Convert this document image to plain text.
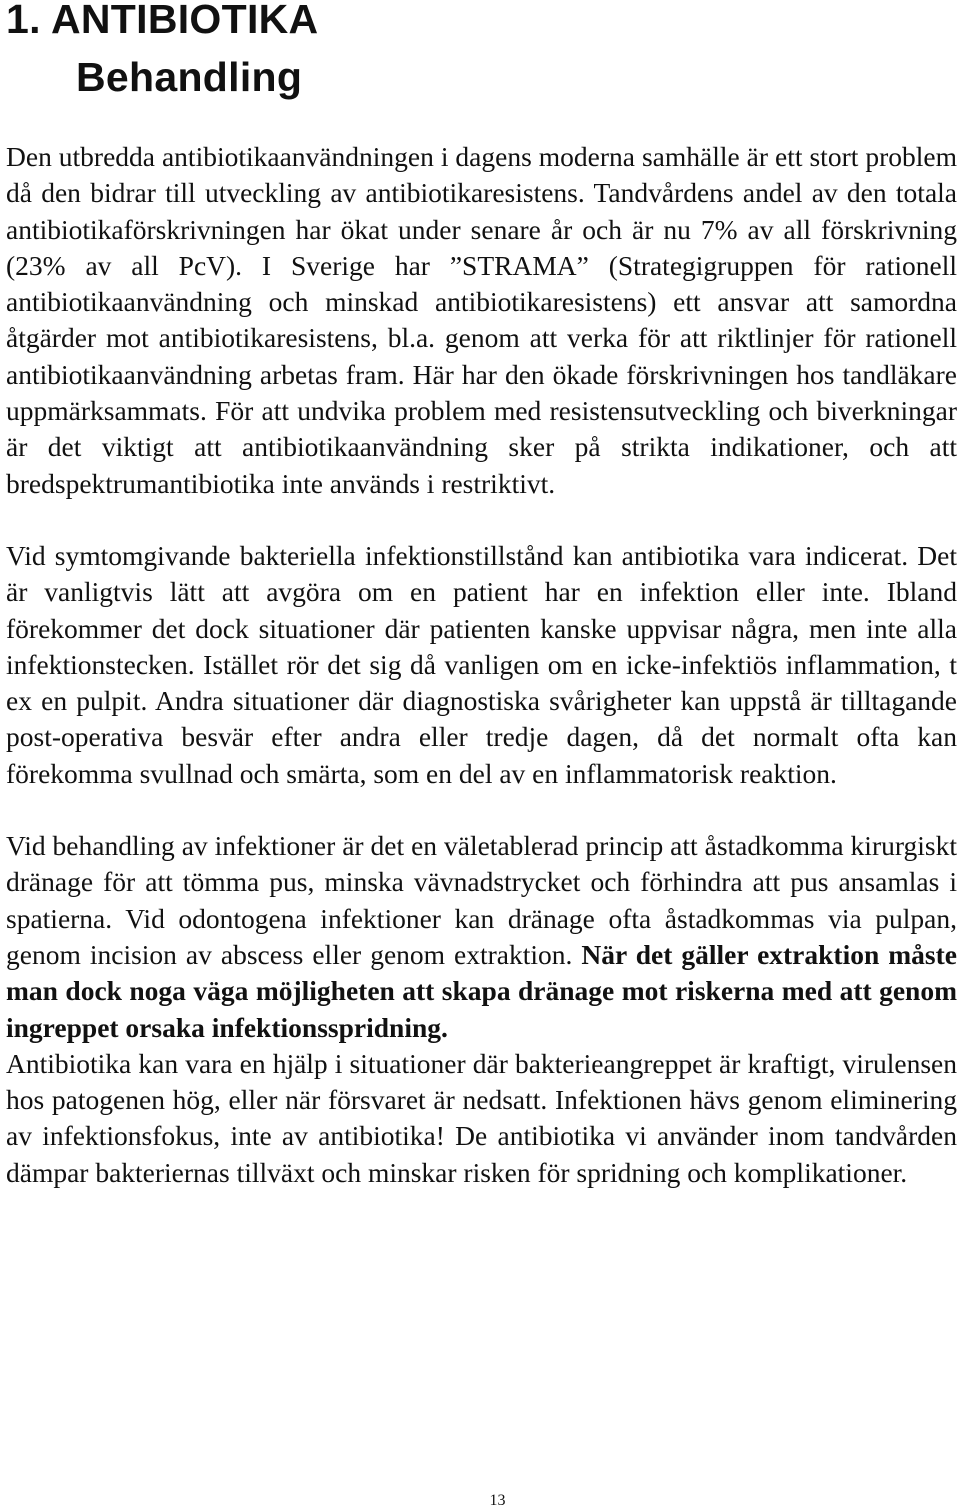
1. ANTIBIOTIKA
Behandling

Den utbredda antibiotikaanvändningen i dagens moderna samhälle är ett stort problem då den bidrar till utveckling av antibiotikaresistens. Tandvårdens andel av den totala antibiotikaförskrivningen har ökat under senare år och är nu 7% av all förskrivning (23% av all PcV). I Sverige har ”STRAMA” (Strategigruppen för rationell antibiotikaanvändning och minskad antibiotikaresistens) ett ansvar att samordna åtgärder mot antibiotikaresistens, bl.a. genom att verka för att riktlinjer för rationell antibiotikaanvändning arbetas fram. Här har den ökade förskrivningen hos tandläkare uppmärksammats. För att undvika problem med resistensutveckling och biverkningar är det viktigt att antibiotikaanvändning sker på strikta indikationer, och att bredspektrumantibiotika inte används i restriktivt.

Vid symtomgivande bakteriella infektionstillstånd kan antibiotika vara indicerat. Det är vanligtvis lätt att avgöra om en patient har en infektion eller inte. Ibland förekommer det dock situationer där patienten kanske uppvisar några, men inte alla infektionstecken. Istället rör det sig då vanligen om en icke-infektiös inflammation, t ex en pulpit. Andra situationer där diagnostiska svårigheter kan uppstå är tilltagande post-operativa besvär efter andra eller tredje dagen, då det normalt ofta kan förekomma svullnad och smärta, som en del av en inflammatorisk reaktion.

Vid behandling av infektioner är det en väletablerad princip att åstadkomma kirurgiskt dränage för att tömma pus, minska vävnadstrycket och förhindra att pus ansamlas i spatierna. Vid odontogena infektioner kan dränage ofta åstadkommas via pulpan, genom incision av abscess eller genom extraktion. När det gäller extraktion måste man dock noga väga möjligheten att skapa dränage mot riskerna med att genom ingreppet orsaka infektionsspridning.

Antibiotika kan vara en hjälp i situationer där bakterieangreppet är kraftigt, virulensen hos patogenen hög, eller när försvaret är nedsatt. Infektionen hävs genom eliminering av infektionsfokus, inte av antibiotika! De antibiotika vi använder inom tandvården dämpar bakteriernas tillväxt och minskar risken för spridning och komplikationer.

13
